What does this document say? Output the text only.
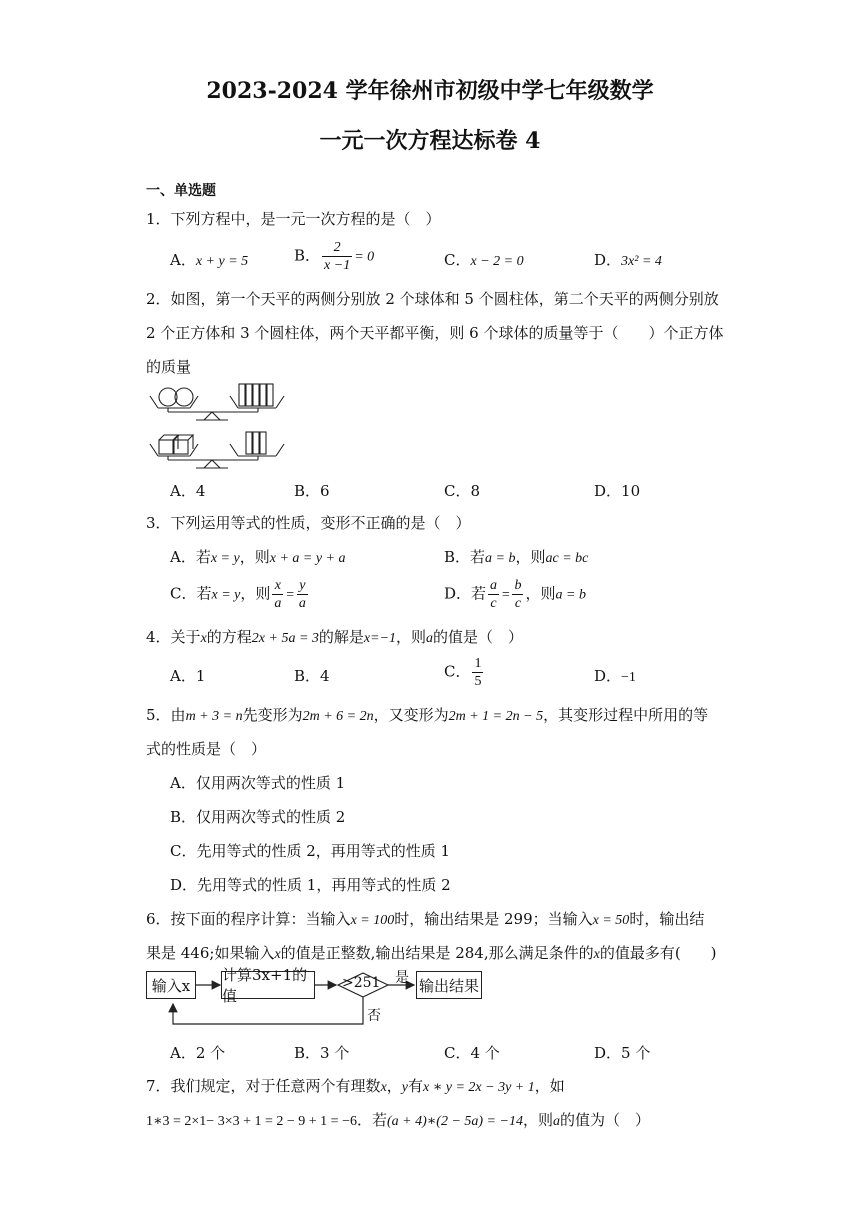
2023-2024 学年徐州市初级中学七年级数学
一元一次方程达标卷 4
一、单选题
1．下列方程中，是一元一次方程的是（　）
A．x + y = 5	B． $\frac{2}{x -1} = 0$	C．x − 2 = 0	D．3x² = 4
2．如图，第一个天平的两侧分别放 2 个球体和 5 个圆柱体，第二个天平的两侧分别放
2 个正方体和 3 个圆柱体，两个天平都平衡，则 6 个球体的质量等于（　　）个正方体
的质量
A．4	B．6	C．8	D．10
3．下列运用等式的性质，变形不正确的是（　）
A．若x = y，则x + a = y + a	B．若a = b，则ac = bc
C．若x = y，则 $\frac{x}{a} = \frac{y}{a}$	D．若 $\frac{a}{c} = \frac{b}{c}$ ，则a = b
4．关于x的方程2x + 5a = 3的解是x=−1，则a的值是（　）
A．1	B．4	C． $\frac{1}{5}$	D．−1
5．由m + 3 = n先变形为2m + 6 = 2n，又变形为2m + 1 = 2n − 5，其变形过程中所用的等
式的性质是（　）
A．仅用两次等式的性质 1
B．仅用两次等式的性质 2
C．先用等式的性质 2，再用等式的性质 1
D．先用等式的性质 1，再用等式的性质 2
6．按下面的程序计算：当输入x = 100时，输出结果是 299；当输入x = 50时，输出结
果是 446;如果输入x的值是正整数,输出结果是 284,那么满足条件的x的值最多有(　　)
输入x
计算3x+1的值
>251 是
否
输出结果
A．2 个	B．3 个	C．4 个	D．5 个
7．我们规定，对于任意两个有理数x，y有x ∗ y = 2x − 3y + 1，如
1∗3 = 2×1− 3×3 + 1 = 2 − 9 + 1 = −6．若(a + 4)∗(2 − 5a) = −14，则a的值为（　）
